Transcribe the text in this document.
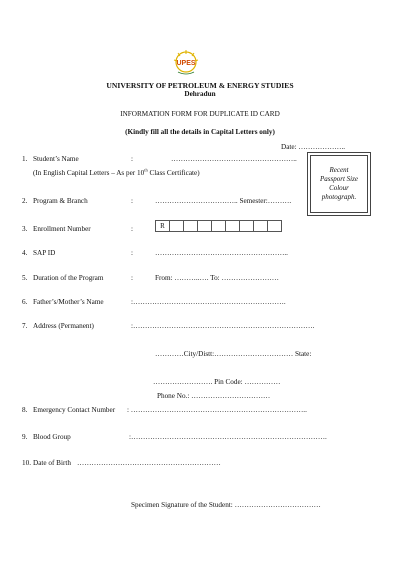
UPES
UNIVERSITY OF PETROLEUM & ENERGY STUDIES
Dehradun
INFORMATION FORM FOR DUPLICATE ID CARD
(Kindly fill all the details in Capital Letters only)
Date: ………………..
Recent
Passport Size
Colour
photograph.
1. Student’s Name	:	……………………………………………..
(In English Capital Letters – As per 10th Class Certificate)
2. Program & Branch	:	…………………………….. Semester:……….
3. Enrollment Number	:	R
4. SAP ID	:	………………………………………………..
5. Duration of the Program	:	From: ………..…. To: ……………………
6. Father’s/Mother’s Name	:……………………………………………………….
7. Address (Permanent)	:………………………………………………………………….
…………City/Distt:…………………………… State:
……………………. Pin Code: ……………
Phone No.: ……………………………
8. Emergency Contact Number : ………………………………………………………………..
9. Blood Group	:……………………………………………………………………….
10. Date of Birth ……………………………………………………
Specimen Signature of the Student: ………………………………
